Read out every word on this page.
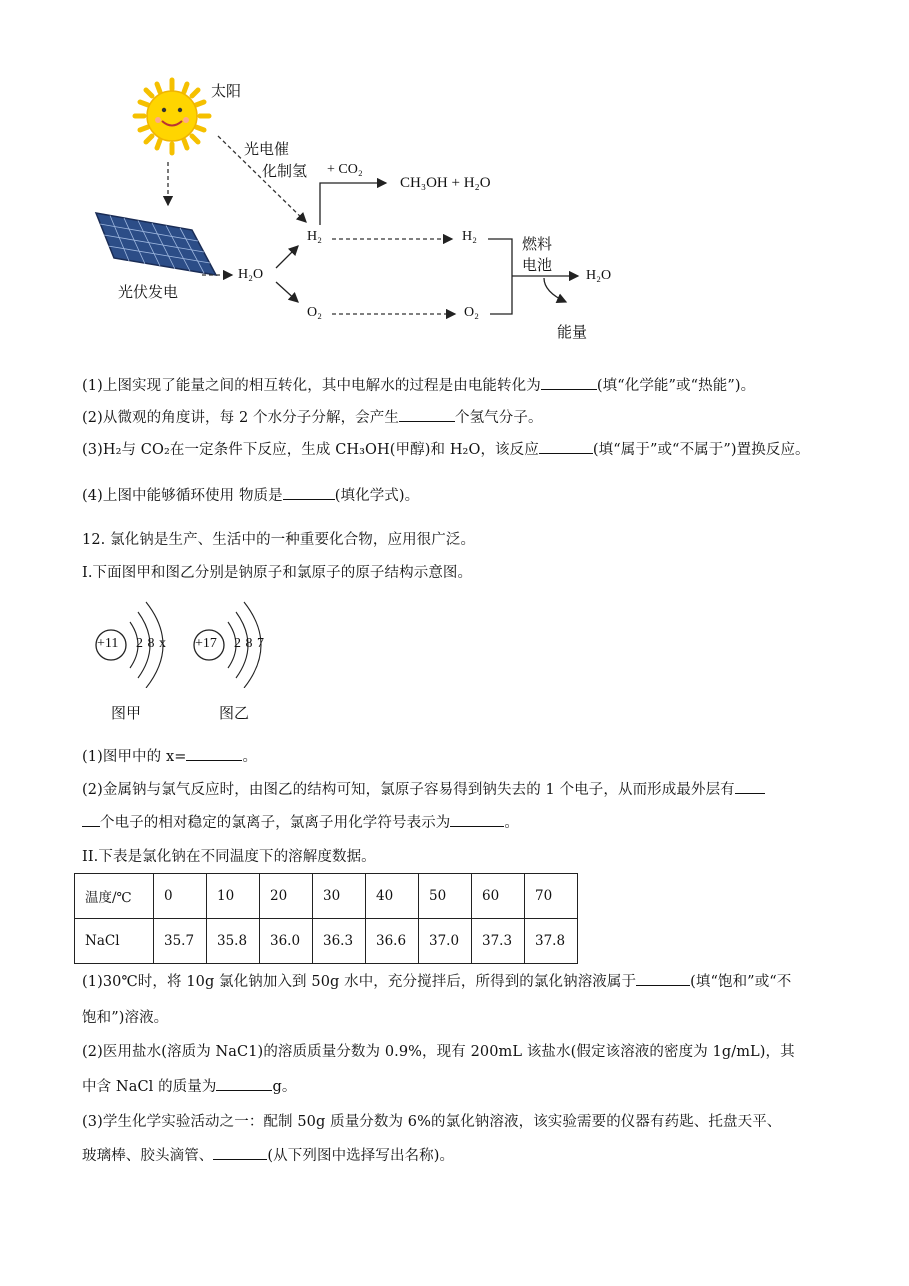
太阳
光电催
化制氢 + CO₂
CH₃OH + H₂O
H₂	H₂
H₂O
O₂	O₂
燃料
电池
H₂O
能量
光伏发电
(1)上图实现了能量之间的相互转化，其中电解水的过程是由电能转化为	(填“化学能”或“热能”)。
(2)从微观的角度讲，每 2 个水分子分解，会产生	个氢气分子。
(3)H₂与 CO₂在一定条件下反应，生成 CH₃OH(甲醇)和 H₂O，该反应	(填“属于”或“不属于”)置换反应。
(4)上图中能够循环使用 物质是	(填化学式)。
12. 氯化钠是生产、生活中的一种重要化合物，应用很广泛。
I.下面图甲和图乙分别是钠原子和氯原子的原子结构示意图。
+11 2 8 x +17 2 8 7
图甲	图乙
(1)图甲中的 x=	。
(2)金属钠与氯气反应时，由图乙的结构可知，氯原子容易得到钠失去的 1 个电子，从而形成最外层有
个电子的相对稳定的氯离子，氯离子用化学符号表示为	。
II.下表是氯化钠在不同温度下的溶解度数据。
温度/℃	0	10	20	30	40	50	60	70
NaCl	35.7	35.8	36.0	36.3	36.6	37.0	37.3	37.8
(1)30℃时，将 10g 氯化钠加入到 50g 水中，充分搅拌后，所得到的氯化钠溶液属于	(填“饱和”或“不
饱和”)溶液。
(2)医用盐水(溶质为 NaC1)的溶质质量分数为 0.9%，现有 200mL 该盐水(假定该溶液的密度为 1g/mL)，其
中含 NaCl 的质量为	g。
(3)学生化学实验活动之一：配制 50g 质量分数为 6%的氯化钠溶液，该实验需要的仪器有药匙、托盘天平、
玻璃棒、胶头滴管、	(从下列图中选择写出名称)。
